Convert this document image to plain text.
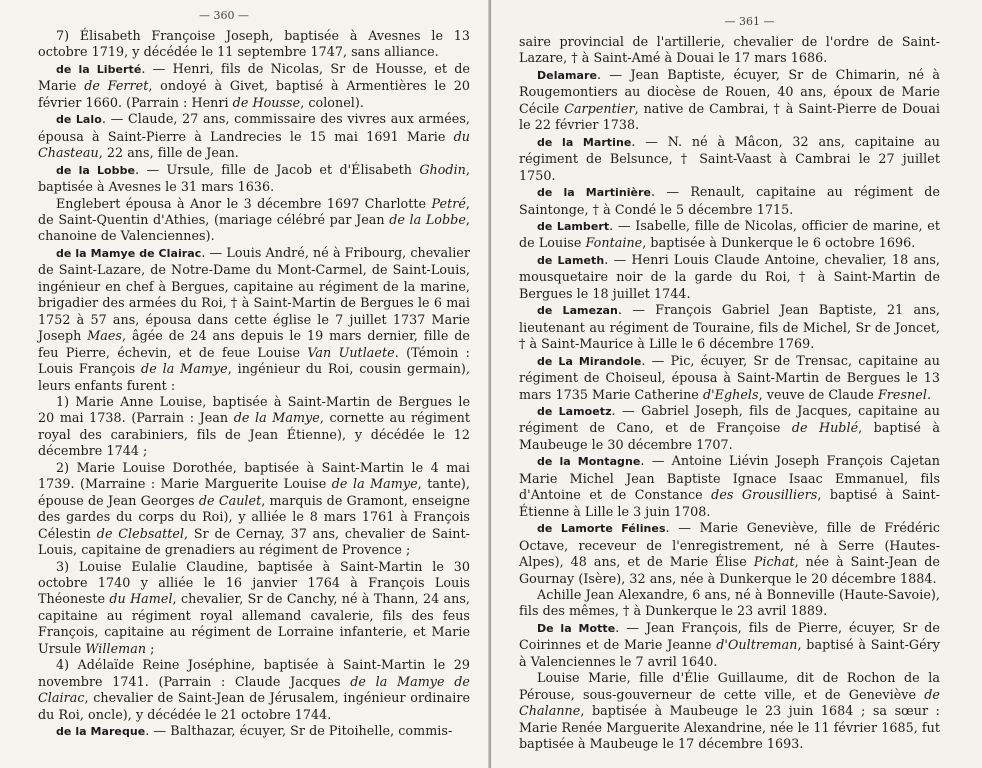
— 360 —

7) Élisabeth Françoise Joseph, baptisée à Avesnes le 13 octobre 1719, y décédée le 11 septembre 1747, sans alliance.

de la Liberté. — Henri, fils de Nicolas, Sr de Housse, et de Marie de Ferret, ondoyé à Givet, baptisé à Armentières le 20 février 1660. (Parrain : Henri de Housse, colonel).

de Lalo. — Claude, 27 ans, commissaire des vivres aux armées, épousa à Saint-Pierre à Landrecies le 15 mai 1691 Marie du Chasteau, 22 ans, fille de Jean.

de la Lobbe. — Ursule, fille de Jacob et d'Élisabeth Ghodin, baptisée à Avesnes le 31 mars 1636.

Englebert épousa à Anor le 3 décembre 1697 Charlotte Petré, de Saint-Quentin d'Athies, (mariage célébré par Jean de la Lobbe, chanoine de Valenciennes).

de la Mamye de Clairac. — Louis André, né à Fribourg, chevalier de Saint-Lazare, de Notre-Dame du Mont-Carmel, de Saint-Louis, ingénieur en chef à Bergues, capitaine au régiment de la marine, brigadier des armées du Roi, † à Saint-Martin de Bergues le 6 mai 1752 à 57 ans, épousa dans cette église le 7 juillet 1737 Marie Joseph Maes, âgée de 24 ans depuis le 19 mars dernier, fille de feu Pierre, échevin, et de feue Louise Van Uutlaete. (Témoin : Louis François de la Mamye, ingénieur du Roi, cousin germain), leurs enfants furent :

1) Marie Anne Louise, baptisée à Saint-Martin de Bergues le 20 mai 1738. (Parrain : Jean de la Mamye, cornette au régiment royal des carabiniers, fils de Jean Étienne), y décédée le 12 décembre 1744 ;

2) Marie Louise Dorothée, baptisée à Saint-Martin le 4 mai 1739. (Marraine : Marie Marguerite Louise de la Mamye, tante), épouse de Jean Georges de Caulet, marquis de Gramont, enseigne des gardes du corps du Roi), y alliée le 8 mars 1761 à François Célestin de Clebsattel, Sr de Cernay, 37 ans, chevalier de Saint-Louis, capitaine de grenadiers au régiment de Provence ;

3) Louise Eulalie Claudine, baptisée à Saint-Martin le 30 octobre 1740 y alliée le 16 janvier 1764 à François Louis Théoneste du Hamel, chevalier, Sr de Canchy, né à Thann, 24 ans, capitaine au régiment royal allemand cavalerie, fils des feus François, capitaine au régiment de Lorraine infanterie, et Marie Ursule Willeman ;

4) Adélaïde Reine Joséphine, baptisée à Saint-Martin le 29 novembre 1741. (Parrain : Claude Jacques de la Mamye de Clairac, chevalier de Saint-Jean de Jérusalem, ingénieur ordinaire du Roi, oncle), y décédée le 21 octobre 1744.

de la Mareque. — Balthazar, écuyer, Sr de Pitoihelle, commis-

— 361 —

saire provincial de l'artillerie, chevalier de l'ordre de Saint-Lazare, † à Saint-Amé à Douai le 17 mars 1686.

Delamare. — Jean Baptiste, écuyer, Sr de Chimarin, né à Rougemontiers au diocèse de Rouen, 40 ans, époux de Marie Cécile Carpentier, native de Cambrai, † à Saint-Pierre de Douai le 22 février 1738.

de la Martine. — N. né à Mâcon, 32 ans, capitaine au régiment de Belsunce, † Saint-Vaast à Cambrai le 27 juillet 1750.

de la Martinière. — Renault, capitaine au régiment de Saintonge, † à Condé le 5 décembre 1715.

de Lambert. — Isabelle, fille de Nicolas, officier de marine, et de Louise Fontaine, baptisée à Dunkerque le 6 octobre 1696.

de Lameth. — Henri Louis Claude Antoine, chevalier, 18 ans, mousquetaire noir de la garde du Roi, † à Saint-Martin de Bergues le 18 juillet 1744.

de Lamezan. — François Gabriel Jean Baptiste, 21 ans, lieutenant au régiment de Touraine, fils de Michel, Sr de Joncet, † à Saint-Maurice à Lille le 6 décembre 1769.

de La Mirandole. — Pic, écuyer, Sr de Trensac, capitaine au régiment de Choiseul, épousa à Saint-Martin de Bergues le 13 mars 1735 Marie Catherine d'Eghels, veuve de Claude Fresnel.

de Lamoetz. — Gabriel Joseph, fils de Jacques, capitaine au régiment de Cano, et de Françoise de Hublé, baptisé à Maubeuge le 30 décembre 1707.

de la Montagne. — Antoine Liévin Joseph François Cajetan Marie Michel Jean Baptiste Ignace Isaac Emmanuel, fils d'Antoine et de Constance des Grousilliers, baptisé à Saint-Étienne à Lille le 3 juin 1708.

de Lamorte Félines. — Marie Geneviève, fille de Frédéric Octave, receveur de l'enregistrement, né à Serre (Hautes-Alpes), 48 ans, et de Marie Élise Pichat, née à Saint-Jean de Gournay (Isère), 32 ans, née à Dunkerque le 20 décembre 1884.

Achille Jean Alexandre, 6 ans, né à Bonneville (Haute-Savoie), fils des mêmes, † à Dunkerque le 23 avril 1889.

De la Motte. — Jean François, fils de Pierre, écuyer, Sr de Coirinnes et de Marie Jeanne d'Oultreman, baptisé à Saint-Géry à Valenciennes le 7 avril 1640.

Louise Marie, fille d'Élie Guillaume, dit de Rochon de la Pérouse, sous-gouverneur de cette ville, et de Geneviève de Chalanne, baptisée à Maubeuge le 23 juin 1684 ; sa sœur : Marie Renée Marguerite Alexandrine, née le 11 février 1685, fut baptisée à Maubeuge le 17 décembre 1693.
